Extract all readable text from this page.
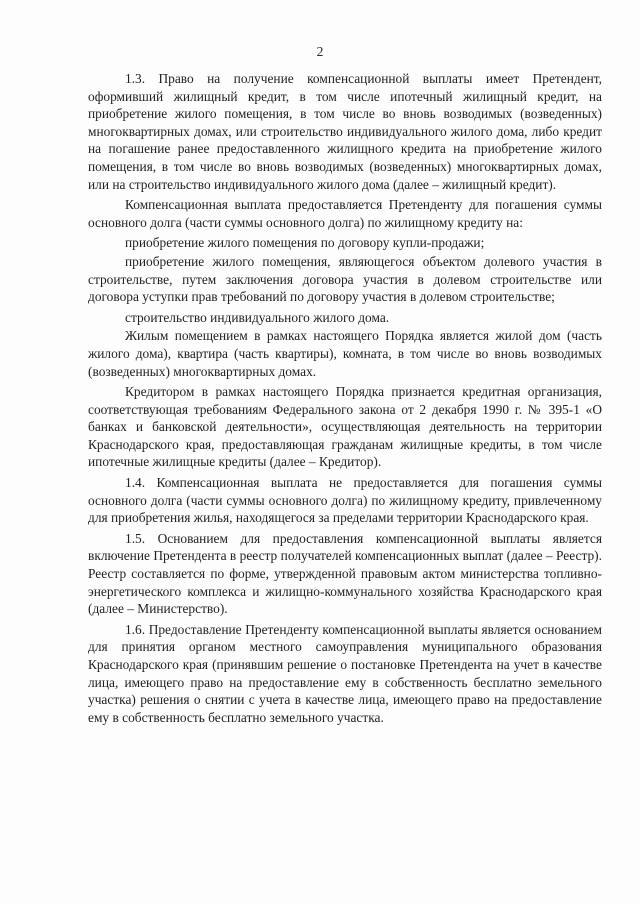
2

1.3. Право на получение компенсационной выплаты имеет Претендент, оформивший жилищный кредит, в том числе ипотечный жилищный кредит, на приобретение жилого помещения, в том числе во вновь возводимых (возведенных) многоквартирных домах, или строительство индивидуального жилого дома, либо кредит на погашение ранее предоставленного жилищного кредита на приобретение жилого помещения, в том числе во вновь возводимых (возведенных) многоквартирных домах, или на строительство индивидуального жилого дома (далее – жилищный кредит).

Компенсационная выплата предоставляется Претенденту для погашения суммы основного долга (части суммы основного долга) по жилищному кредиту на:

приобретение жилого помещения по договору купли-продажи;

приобретение жилого помещения, являющегося объектом долевого участия в строительстве, путем заключения договора участия в долевом строительстве или договора уступки прав требований по договору участия в долевом строительстве;

строительство индивидуального жилого дома.

Жилым помещением в рамках настоящего Порядка является жилой дом (часть жилого дома), квартира (часть квартиры), комната, в том числе во вновь возводимых (возведенных) многоквартирных домах.

Кредитором в рамках настоящего Порядка признается кредитная организация, соответствующая требованиям Федерального закона от 2 декабря 1990 г. № 395-1 «О банках и банковской деятельности», осуществляющая деятельность на территории Краснодарского края, предоставляющая гражданам жилищные кредиты, в том числе ипотечные жилищные кредиты (далее – Кредитор).

1.4. Компенсационная выплата не предоставляется для погашения суммы основного долга (части суммы основного долга) по жилищному кредиту, привлеченному для приобретения жилья, находящегося за пределами территории Краснодарского края.

1.5. Основанием для предоставления компенсационной выплаты является включение Претендента в реестр получателей компенсационных выплат (далее – Реестр). Реестр составляется по форме, утвержденной правовым актом министерства топливно-энергетического комплекса и жилищно-коммунального хозяйства Краснодарского края (далее – Министерство).

1.6. Предоставление Претенденту компенсационной выплаты является основанием для принятия органом местного самоуправления муниципального образования Краснодарского края (принявшим решение о постановке Претендента на учет в качестве лица, имеющего право на предоставление ему в собственность бесплатно земельного участка) решения о снятии с учета в качестве лица, имеющего право на предоставление ему в собственность бесплатно земельного участка.
